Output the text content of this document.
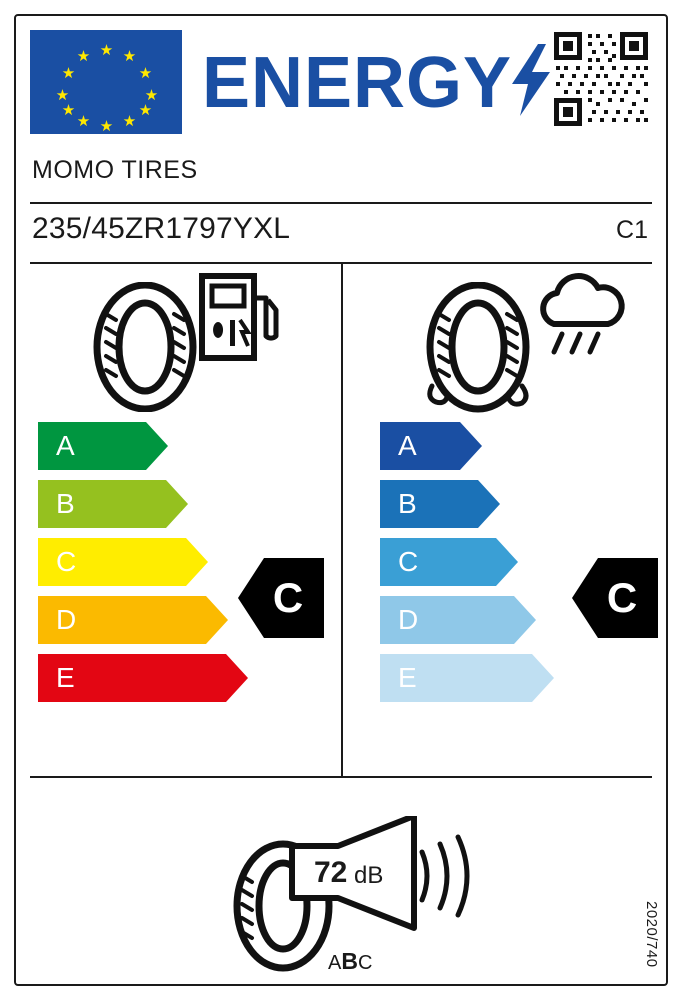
★ ★
★
★
★
★
★
★
★
★
★
★ ENERGY
MOMO TIRES
235/45ZR1797YXL	C1
A
B
C
D
E
C
A
B
C
D
E
C
72 dB
ABC	2020/740
